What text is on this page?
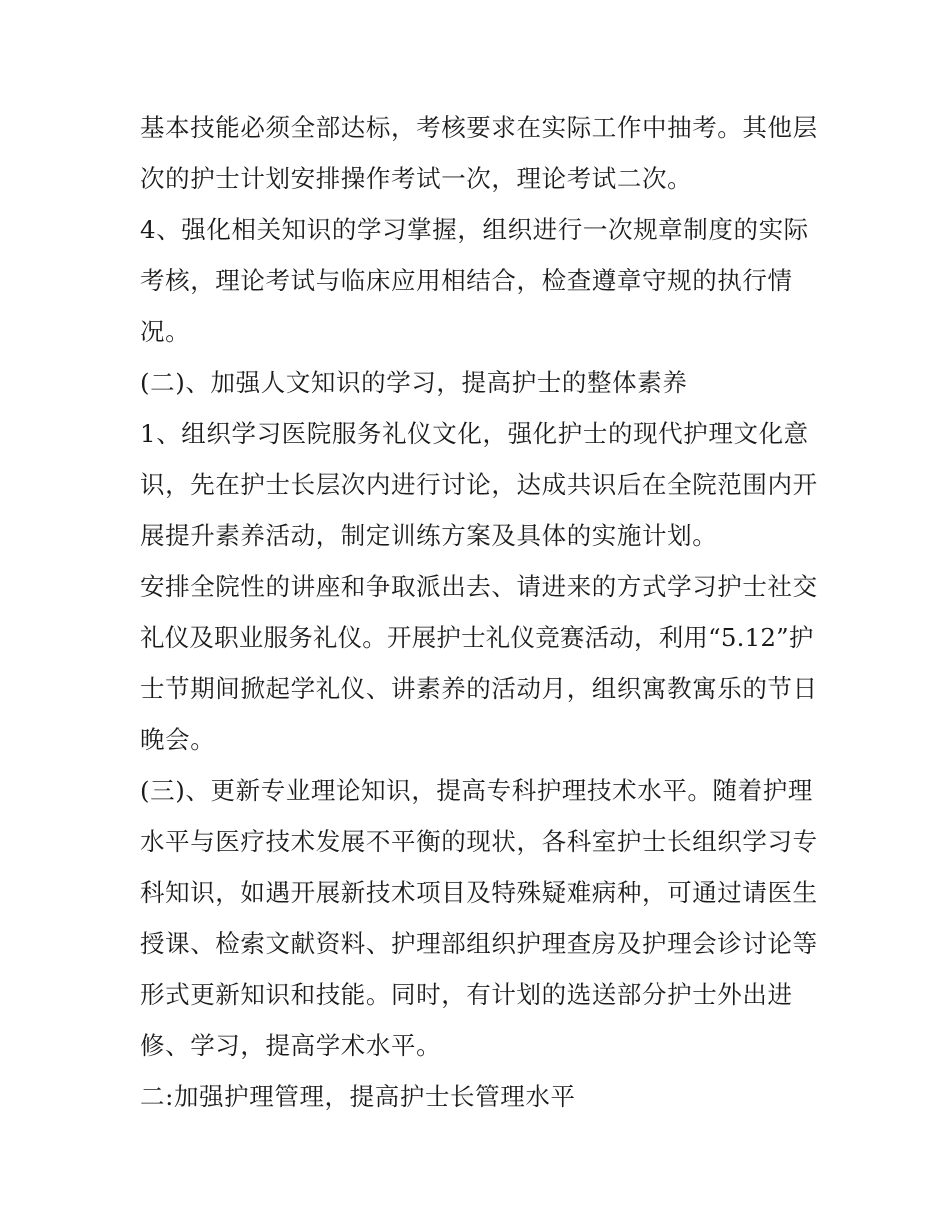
基本技能必须全部达标，考核要求在实际工作中抽考。其他层
次的护士计划安排操作考试一次，理论考试二次。
4、强化相关知识的学习掌握，组织进行一次规章制度的实际
考核，理论考试与临床应用相结合，检查遵章守规的执行情
况。
(二)、加强人文知识的学习，提高护士的整体素养
1、组织学习医院服务礼仪文化，强化护士的现代护理文化意
识，先在护士长层次内进行讨论，达成共识后在全院范围内开
展提升素养活动，制定训练方案及具体的实施计划。
安排全院性的讲座和争取派出去、请进来的方式学习护士社交
礼仪及职业服务礼仪。开展护士礼仪竞赛活动，利用“5.12”护
士节期间掀起学礼仪、讲素养的活动月，组织寓教寓乐的节日
晚会。
(三)、更新专业理论知识，提高专科护理技术水平。随着护理
水平与医疗技术发展不平衡的现状，各科室护士长组织学习专
科知识，如遇开展新技术项目及特殊疑难病种，可通过请医生
授课、检索文献资料、护理部组织护理查房及护理会诊讨论等
形式更新知识和技能。同时，有计划的选送部分护士外出进
修、学习，提高学术水平。
二:加强护理管理，提高护士长管理水平
